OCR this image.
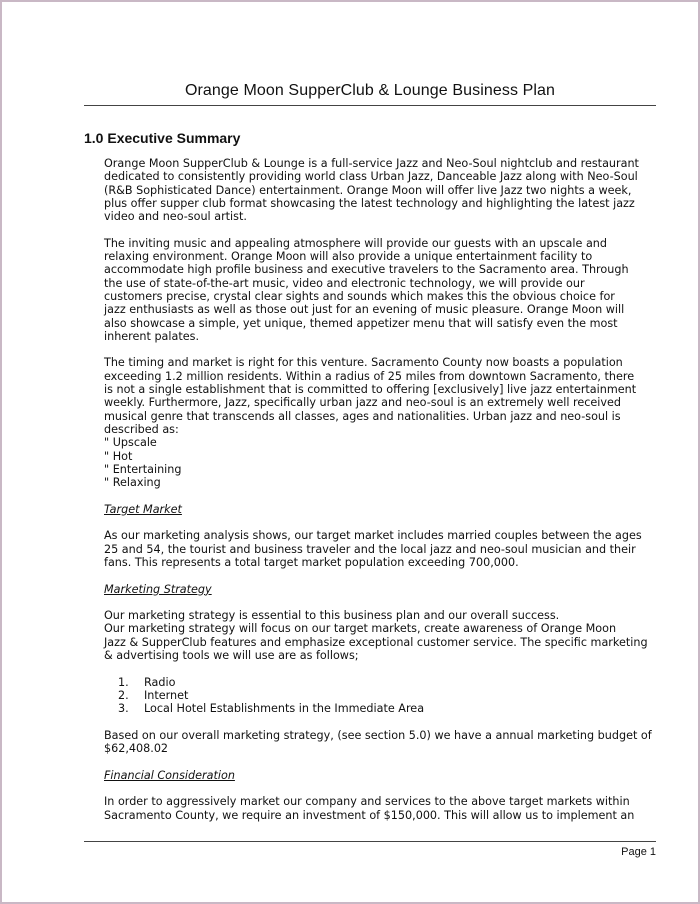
Orange Moon SupperClub & Lounge Business Plan
1.0 Executive Summary

Orange Moon SupperClub & Lounge is a full-service Jazz and Neo-Soul nightclub and restaurant
dedicated to consistently providing world class Urban Jazz, Danceable Jazz along with Neo-Soul
(R&B Sophisticated Dance) entertainment. Orange Moon will offer live Jazz two nights a week,
plus offer supper club format showcasing the latest technology and highlighting the latest jazz
video and neo-soul artist.

The inviting music and appealing atmosphere will provide our guests with an upscale and
relaxing environment. Orange Moon will also provide a unique entertainment facility to
accommodate high profile business and executive travelers to the Sacramento area. Through
the use of state-of-the-art music, video and electronic technology, we will provide our
customers precise, crystal clear sights and sounds which makes this the obvious choice for
jazz enthusiasts as well as those out just for an evening of music pleasure. Orange Moon will
also showcase a simple, yet unique, themed appetizer menu that will satisfy even the most
inherent palates.

The timing and market is right for this venture. Sacramento County now boasts a population
exceeding 1.2 million residents. Within a radius of 25 miles from downtown Sacramento, there
is not a single establishment that is committed to offering [exclusively] live jazz entertainment
weekly. Furthermore, Jazz, specifically urban jazz and neo-soul is an extremely well received
musical genre that transcends all classes, ages and nationalities. Urban jazz and neo-soul is
described as:

" Upscale
" Hot
" Entertaining
" Relaxing
Target Market

As our marketing analysis shows, our target market includes married couples between the ages
25 and 54, the tourist and business traveler and the local jazz and neo-soul musician and their
fans. This represents a total target market population exceeding 700,000.

Marketing Strategy

Our marketing strategy is essential to this business plan and our overall success.
Our marketing strategy will focus on our target markets, create awareness of Orange Moon
Jazz & SupperClub features and emphasize exceptional customer service. The specific marketing
& advertising tools we will use are as follows;

1. Radio
2. Internet
3. Local Hotel Establishments in the Immediate Area

Based on our overall marketing strategy, (see section 5.0) we have a annual marketing budget of
$62,408.02

Financial Consideration

In order to aggressively market our company and services to the above target markets within
Sacramento County, we require an investment of $150,000. This will allow us to implement an

Page 1
